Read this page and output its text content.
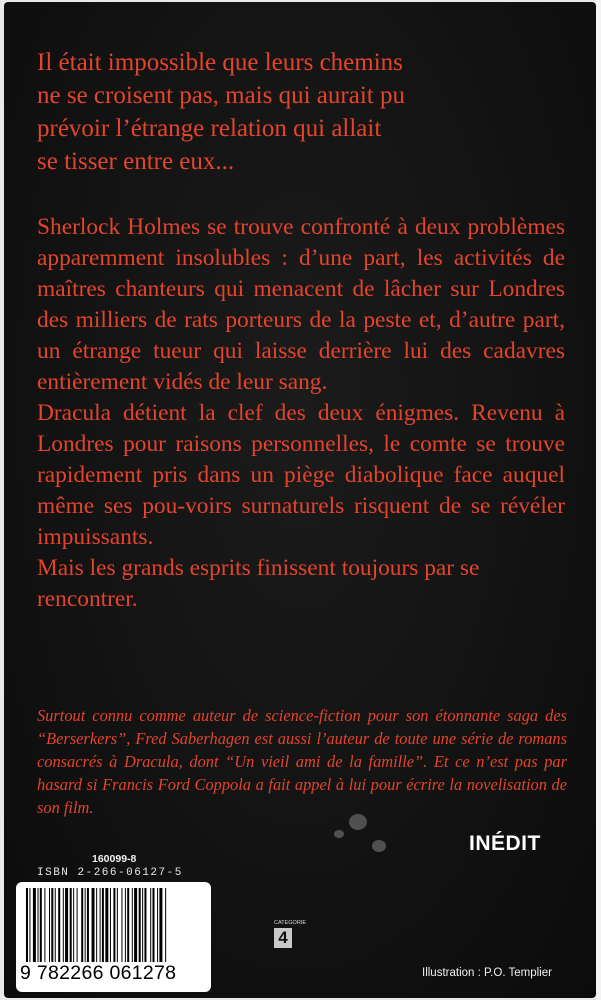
Il était impossible que leurs chemins
ne se croisent pas, mais qui aurait pu
prévoir l’étrange relation qui allait
se tisser entre eux...

Sherlock Holmes se trouve confronté à deux problèmes apparemment insolubles : d’une part, les activités de maîtres chanteurs qui menacent de lâcher sur Londres des milliers de rats porteurs de la peste et, d’autre part, un étrange tueur qui laisse derrière lui des cadavres entièrement vidés de leur sang.

Dracula détient la clef des deux énigmes. Revenu à Londres pour raisons personnelles, le comte se trouve rapidement pris dans un piège diabolique face auquel même ses pou-voirs surnaturels risquent de se révéler impuissants.

Mais les grands esprits finissent toujours par se rencontrer.

Surtout connu comme auteur de science-fiction pour son étonnante saga des “Berserkers”, Fred Saberhagen est aussi l’auteur de toute une série de romans consacrés à Dracula, dont “Un vieil ami de la famille”. Et ce n’est pas par hasard si Francis Ford Coppola a fait appel à lui pour écrire la novelisation de son film.
INÉDIT
160099-8
ISBN 2-266-06127-5
9 782266 061278
CATEGORIE
4
Illustration : P.O. Templier
